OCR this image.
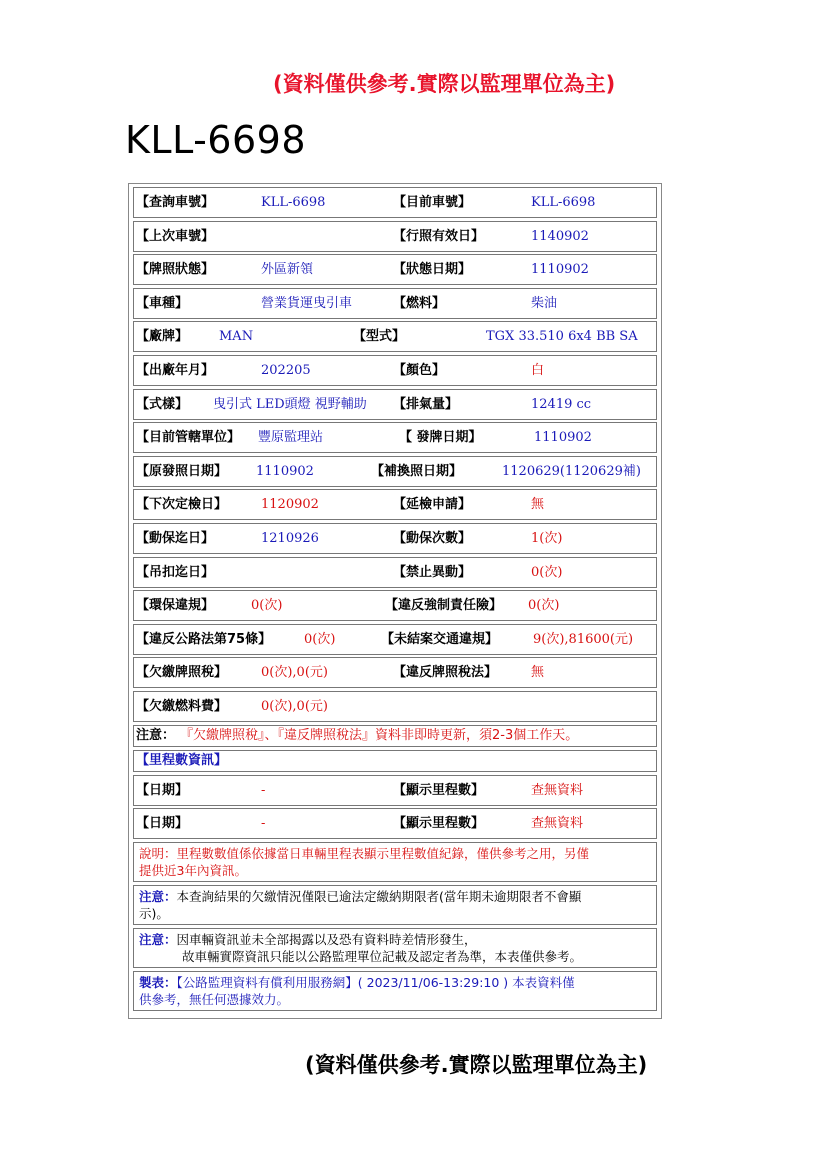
(資料僅供參考.實際以監理單位為主)
KLL-6698
【查詢車號】	KLL-6698	【目前車號】	KLL-6698
【上次車號】	【行照有效日】	1140902
【牌照狀態】	外區新領	【狀態日期】	1110902
【車種】	營業貨運曳引車	【燃料】	柴油
【廠牌】 MAN	【型式】	TGX 33.510 6x4 BB SA
【出廠年月】	202205	【顏色】	白
【式樣】 曳引式 LED頭燈 視野輔助 【排氣量】	12419 cc
【目前管轄單位】 豐原監理站	【 發牌日期】	1110902
【原發照日期】 1110902	【補換照日期】	1120629(1120629補)
【下次定檢日】	1120902	【延檢申請】	無
【動保迄日】	1210926	【動保次數】	1(次)
【吊扣迄日】	【禁止異動】	0(次)
【環保違規】	0(次)	【違反強制責任險】 0(次)
【違反公路法第75條】	0(次)	【未結案交通違規】	9(次),81600(元)
【欠繳牌照稅】	0(次),0(元)	【違反牌照稅法】	無
【欠繳燃料費】	0(次),0(元)
注意： 『欠繳牌照稅』、『違反牌照稅法』資料非即時更新，須2-3個工作天。
【里程數資訊】
【日期】	-	【顯示里程數】	查無資料
【日期】	-	【顯示里程數】	查無資料
說明：里程數數值係依據當日車輛里程表顯示里程數值紀錄，僅供參考之用，另僅
提供近3年內資訊。
注意：本查詢結果的欠繳情況僅限已逾法定繳納期限者(當年期未逾期限者不會顯
示)。
注意：因車輛資訊並未全部揭露以及恐有資料時差情形發生，
故車輛實際資訊只能以公路監理單位記載及認定者為準，本表僅供參考。
製表：【公路監理資料有償利用服務網】( 2023/11/06-13:29:10 ) 本表資料僅
供參考，無任何憑據效力。
(資料僅供參考.實際以監理單位為主)
